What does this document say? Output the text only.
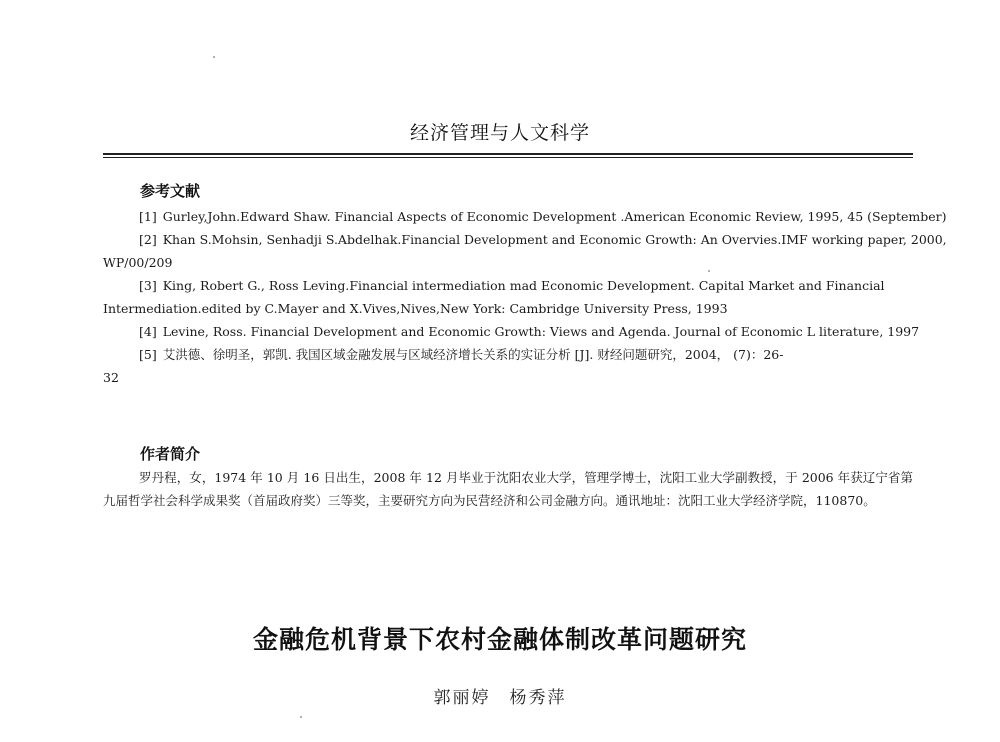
经济管理与人文科学
参考文献
[1] Gurley,John.Edward Shaw. Financial Aspects of Economic Development .American Economic Review, 1995, 45 (September)
[2] Khan S.Mohsin, Senhadji S.Abdelhak.Financial Development and Economic Growth: An Overvies.IMF working paper, 2000,
WP/00/209
[3] King, Robert G., Ross Leving.Financial intermediation mad Economic Development. Capital Market and Financial
Intermediation.edited by C.Mayer and X.Vives,Nives,New York: Cambridge University Press, 1993
[4] Levine, Ross. Financial Development and Economic Growth: Views and Agenda. Journal of Economic L literature, 1997
[5] 艾洪德、徐明圣，郭凯. 我国区域金融发展与区域经济增长关系的实证分析 [J]. 财经问题研究，2004， (7)：26-
32
作者简介

罗丹程，女，1974 年 10 月 16 日出生，2008 年 12 月毕业于沈阳农业大学，管理学博士，沈阳工业大学副教授，于 2006 年获辽宁省第九届哲学社会科学成果奖（首届政府奖）三等奖，主要研究方向为民营经济和公司金融方向。通讯地址：沈阳工业大学经济学院，110870。

金融危机背景下农村金融体制改革问题研究
郭丽婷　杨秀萍
